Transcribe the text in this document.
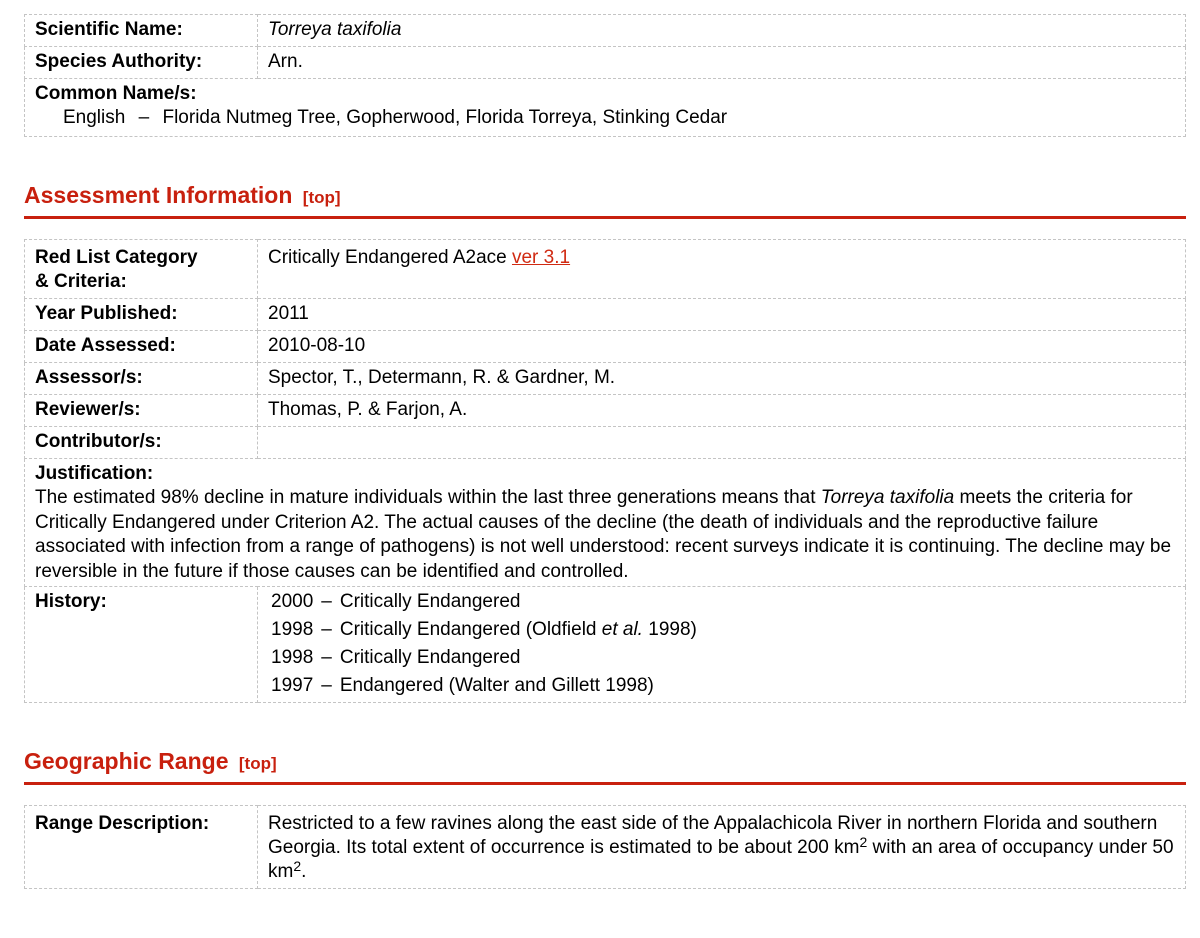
Scientific Name:	Torreya taxifolia
Species Authority:	Arn.

Common Name/s:
English – Florida Nutmeg Tree, Gopherwood, Florida Torreya, Stinking Cedar	
Assessment Information [top]
Red List Category
& Criteria:	Critically Endangered A2ace ver 3.1
Year Published:	2011
Date Assessed:	2010-08-10
Assessor/s:	Spector, T., Determann, R. & Gardner, M.
Reviewer/s:	Thomas, P. & Farjon, A.
Contributor/s:	

Justification:
The estimated 98% decline in mature individuals within the last three generations means that Torreya taxifolia meets the criteria for Critically Endangered under Criterion A2. The actual causes of the decline (the death of individuals and the reproductive failure associated with infection from a range of pathogens) is not well understood: recent surveys indicate it is continuing. The decline may be reversible in the future if those causes can be identified and controlled.	

History:	2000 – Critically Endangered
1998 – Critically Endangered (Oldfield et al. 1998)
1998 – Critically Endangered
1997 – Endangered (Walter and Gillett 1998)
Geographic Range [top]
Range Description:	Restricted to a few ravines along the east side of the Appalachicola River in northern Florida and southern Georgia. Its total extent of occurrence is estimated to be about 200 $km^2$ with an area of occupancy under 50 $km^2$.
